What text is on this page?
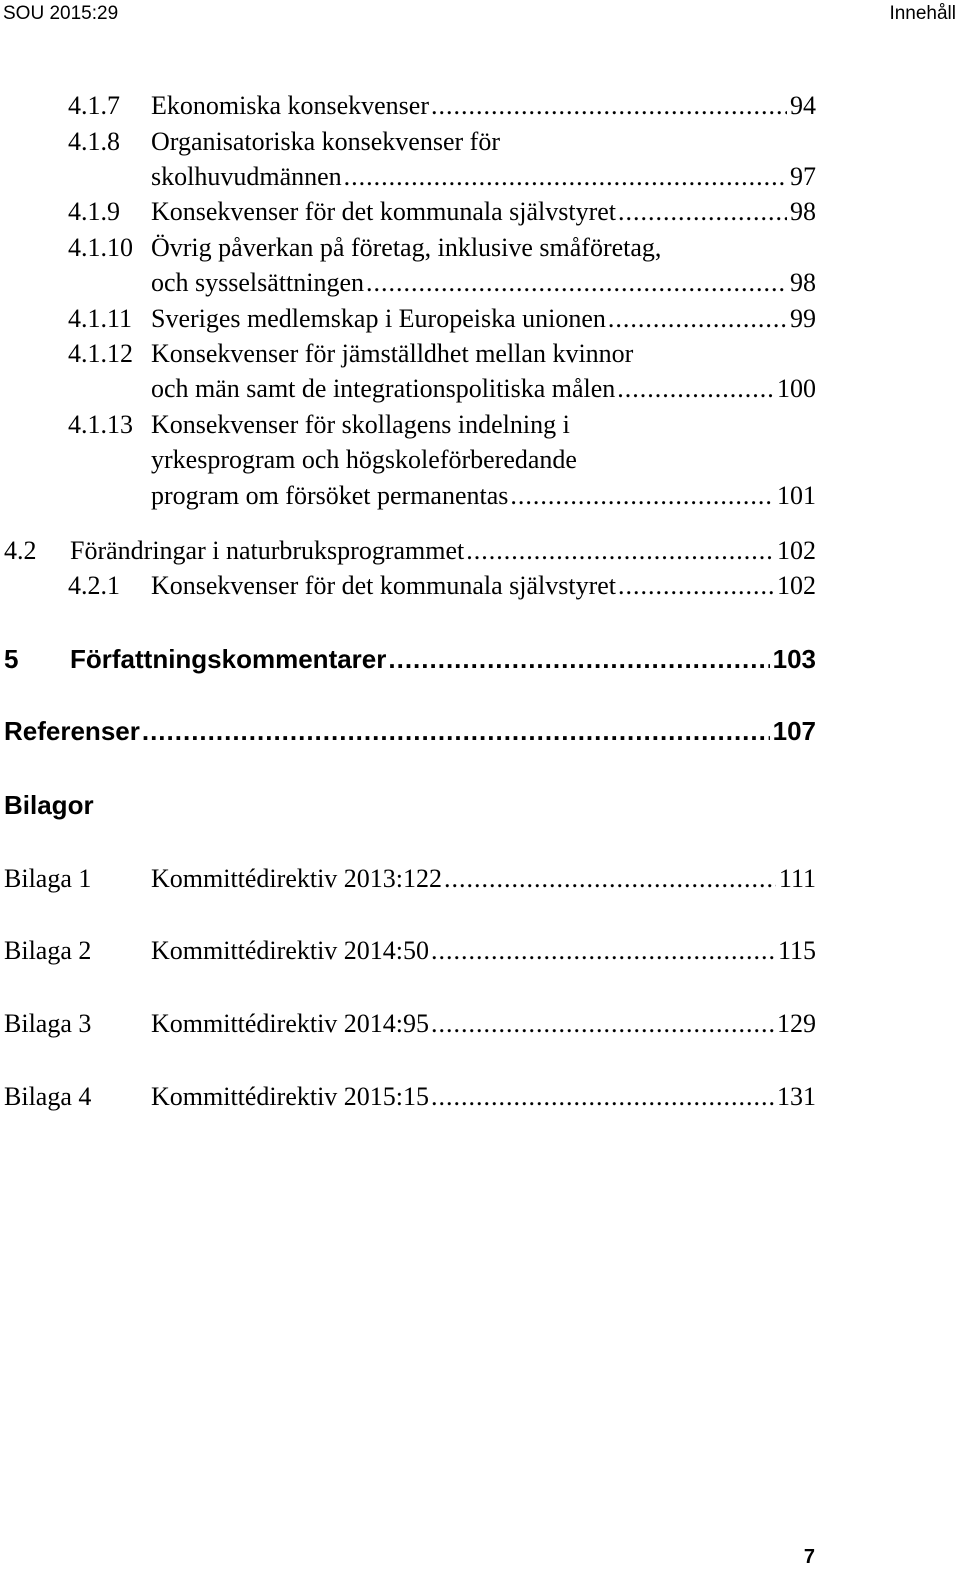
SOU 2015:29	Innehåll
4.1.7 Ekonomiska konsekvenser .....	94
4.1.8 Organisatoriska konsekvenser för
skolhuvudmännen .....	97
4.1.9 Konsekvenser för det kommunala självstyret .....	98
4.1.10 Övrig påverkan på företag, inklusive småföretag,
och sysselsättningen .....	98
4.1.11 Sveriges medlemskap i Europeiska unionen .....	99
4.1.12 Konsekvenser för jämställdhet mellan kvinnor
och män samt de integrationspolitiska målen .....	100
4.1.13 Konsekvenser för skollagens indelning i
yrkesprogram och högskoleförberedande
program om försöket permanentas .....	101
4.2 Förändringar i naturbruksprogrammet .....	102
4.2.1 Konsekvenser för det kommunala självstyret .....	102
5 Författningskommentarer .....	103
Referenser .....	107
Bilagor
Bilaga 1 Kommittédirektiv 2013:122 .....	111
Bilaga 2 Kommittédirektiv 2014:50 .....	115
Bilaga 3 Kommittédirektiv 2014:95 .....	129
Bilaga 4 Kommittédirektiv 2015:15 .....	131
7
